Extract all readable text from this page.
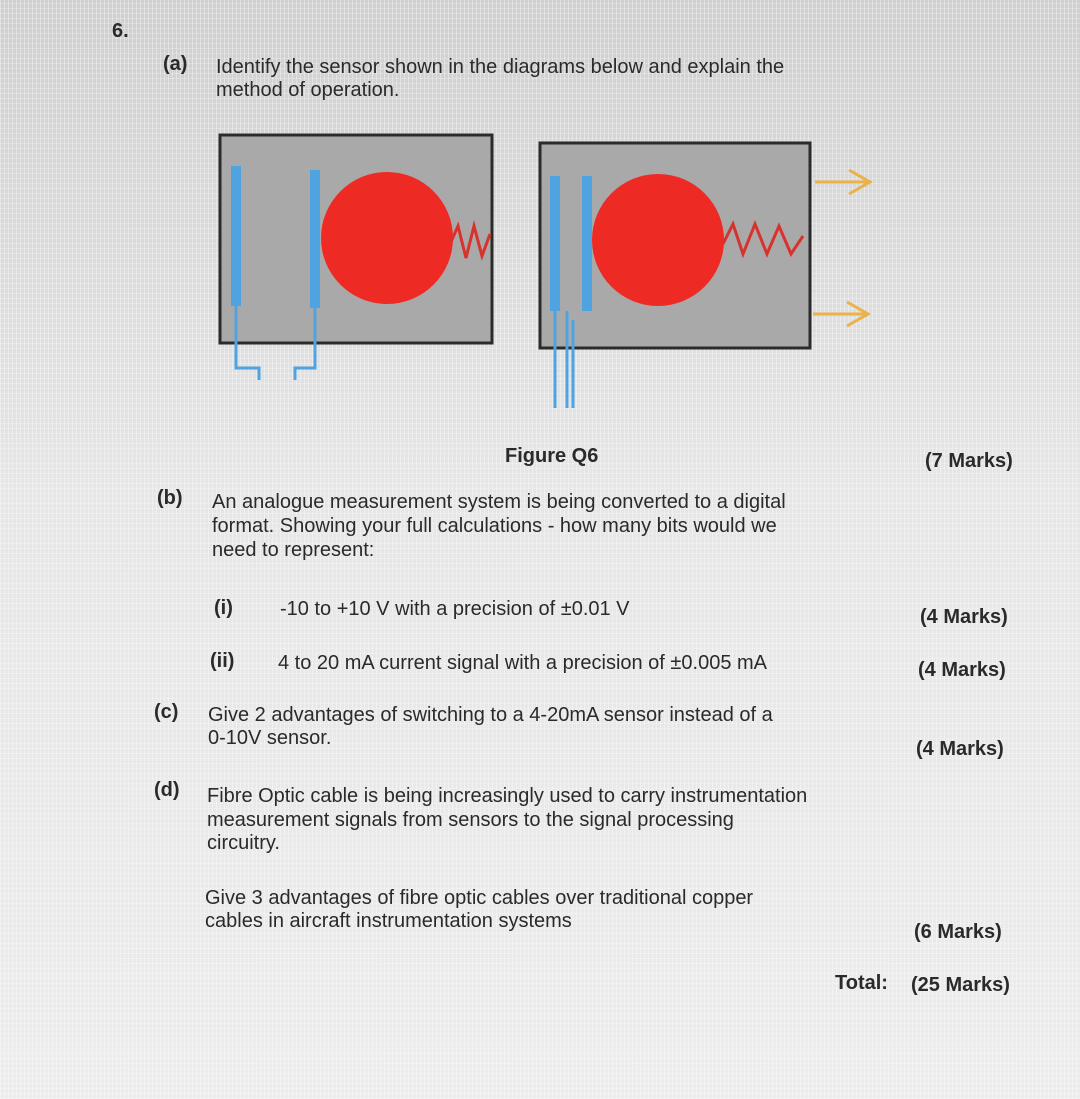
6.
(a) Identify the sensor shown in the diagrams below and explain the
method of operation.
Figure Q6	(7 Marks)
(b) An analogue measurement system is being converted to a digital
format. Showing your full calculations - how many bits would we
need to represent:
(i) -10 to +10 V with a precision of ±0.01 V	(4 Marks)
(ii) 4 to 20 mA current signal with a precision of ±0.005 mA	(4 Marks)
(c) Give 2 advantages of switching to a 4-20mA sensor instead of a
0-10V sensor.	(4 Marks)
(d) Fibre Optic cable is being increasingly used to carry instrumentation
measurement signals from sensors to the signal processing
circuitry.
Give 3 advantages of fibre optic cables over traditional copper
cables in aircraft instrumentation systems	(6 Marks)
Total: (25 Marks)
